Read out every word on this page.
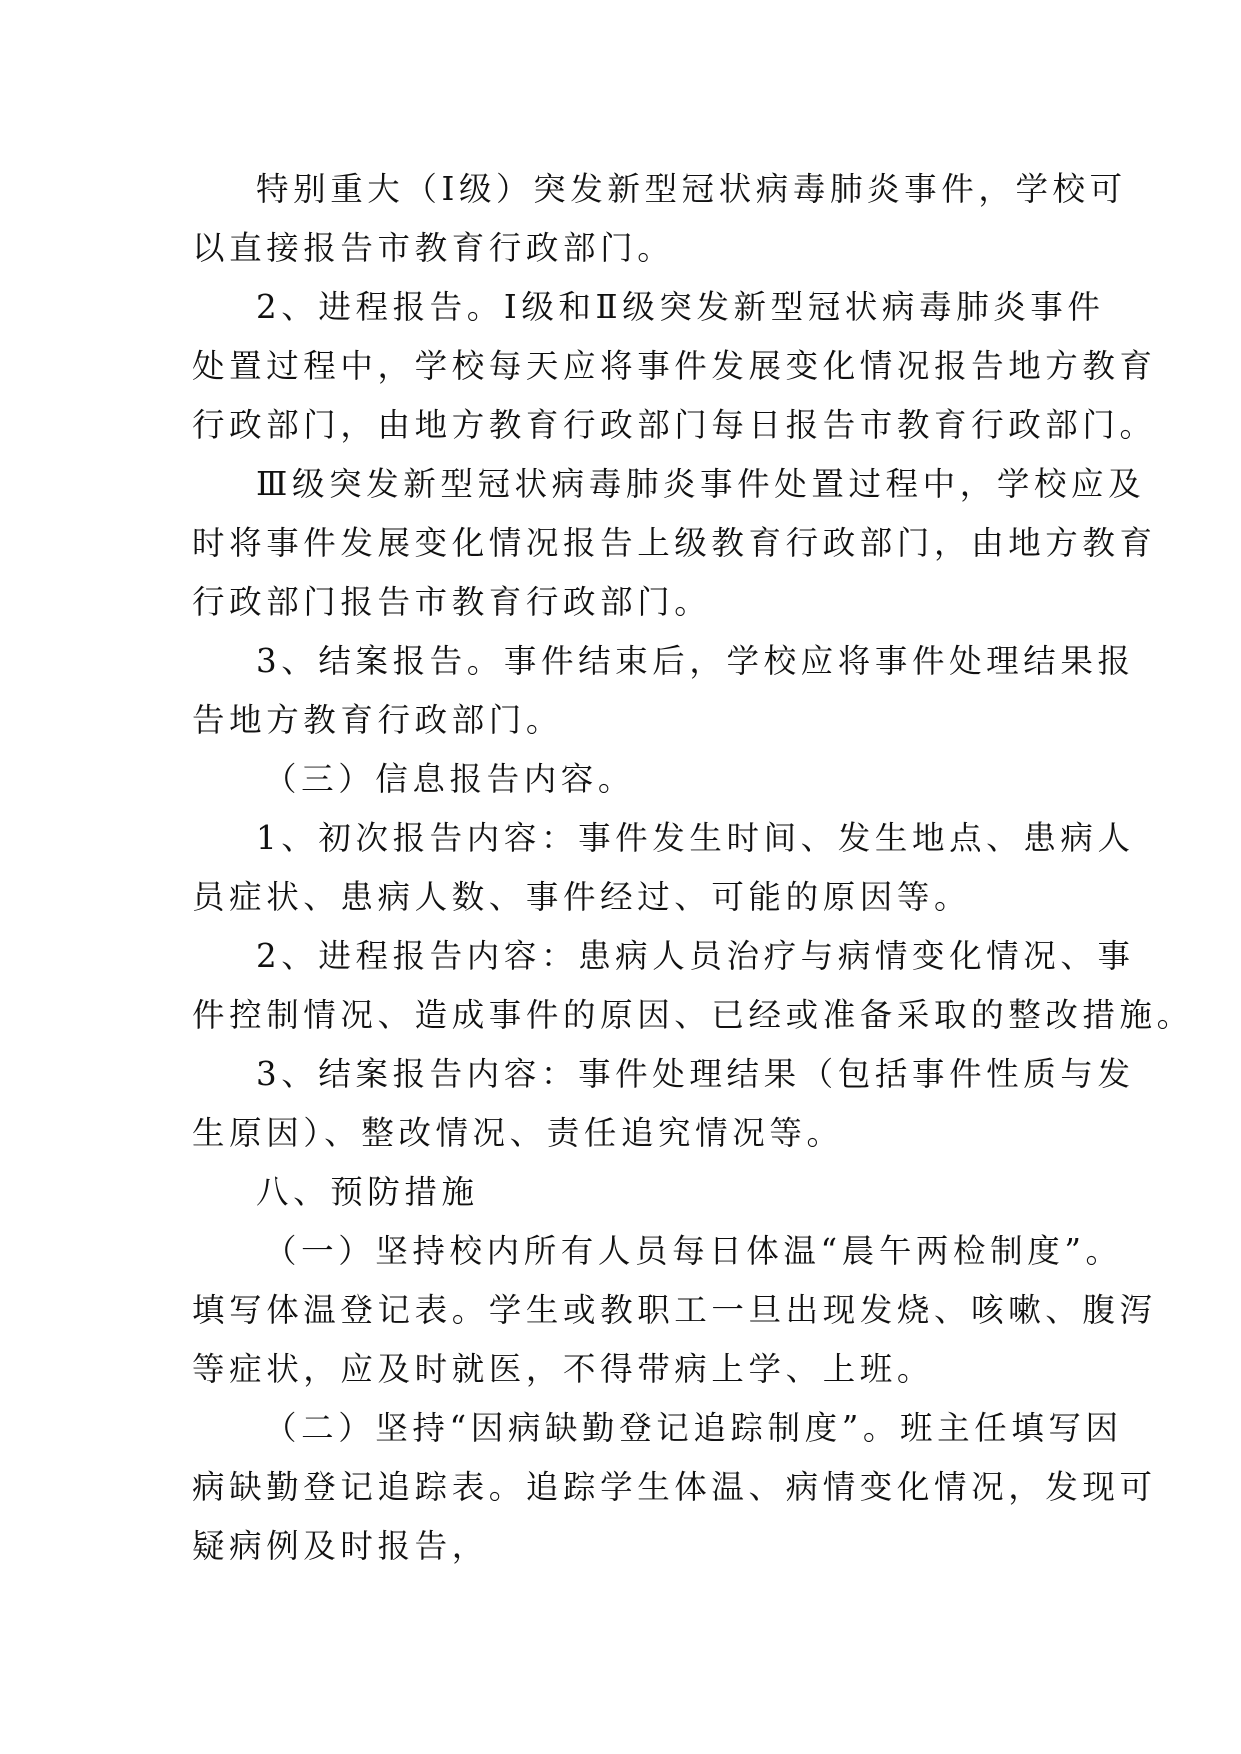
特别重大（Ⅰ级）突发新型冠状病毒肺炎事件，学校可

以直接报告市教育行政部门。

2、进程报告。Ⅰ级和Ⅱ级突发新型冠状病毒肺炎事件

处置过程中，学校每天应将事件发展变化情况报告地方教育

行政部门，由地方教育行政部门每日报告市教育行政部门。

Ⅲ级突发新型冠状病毒肺炎事件处置过程中，学校应及

时将事件发展变化情况报告上级教育行政部门，由地方教育

行政部门报告市教育行政部门。

3、结案报告。事件结束后，学校应将事件处理结果报

告地方教育行政部门。

（三）信息报告内容。

1、初次报告内容：事件发生时间、发生地点、患病人

员症状、患病人数、事件经过、可能的原因等。

2、进程报告内容：患病人员治疗与病情变化情况、事

件控制情况、造成事件的原因、已经或准备采取的整改措施。

3、结案报告内容：事件处理结果（包括事件性质与发

生原因）、整改情况、责任追究情况等。

八、预防措施

（一）坚持校内所有人员每日体温“晨午两检制度”。

填写体温登记表。学生或教职工一旦出现发烧、咳嗽、腹泻

等症状，应及时就医，不得带病上学、上班。

（二）坚持“因病缺勤登记追踪制度”。班主任填写因

病缺勤登记追踪表。追踪学生体温、病情变化情况，发现可

疑病例及时报告，
